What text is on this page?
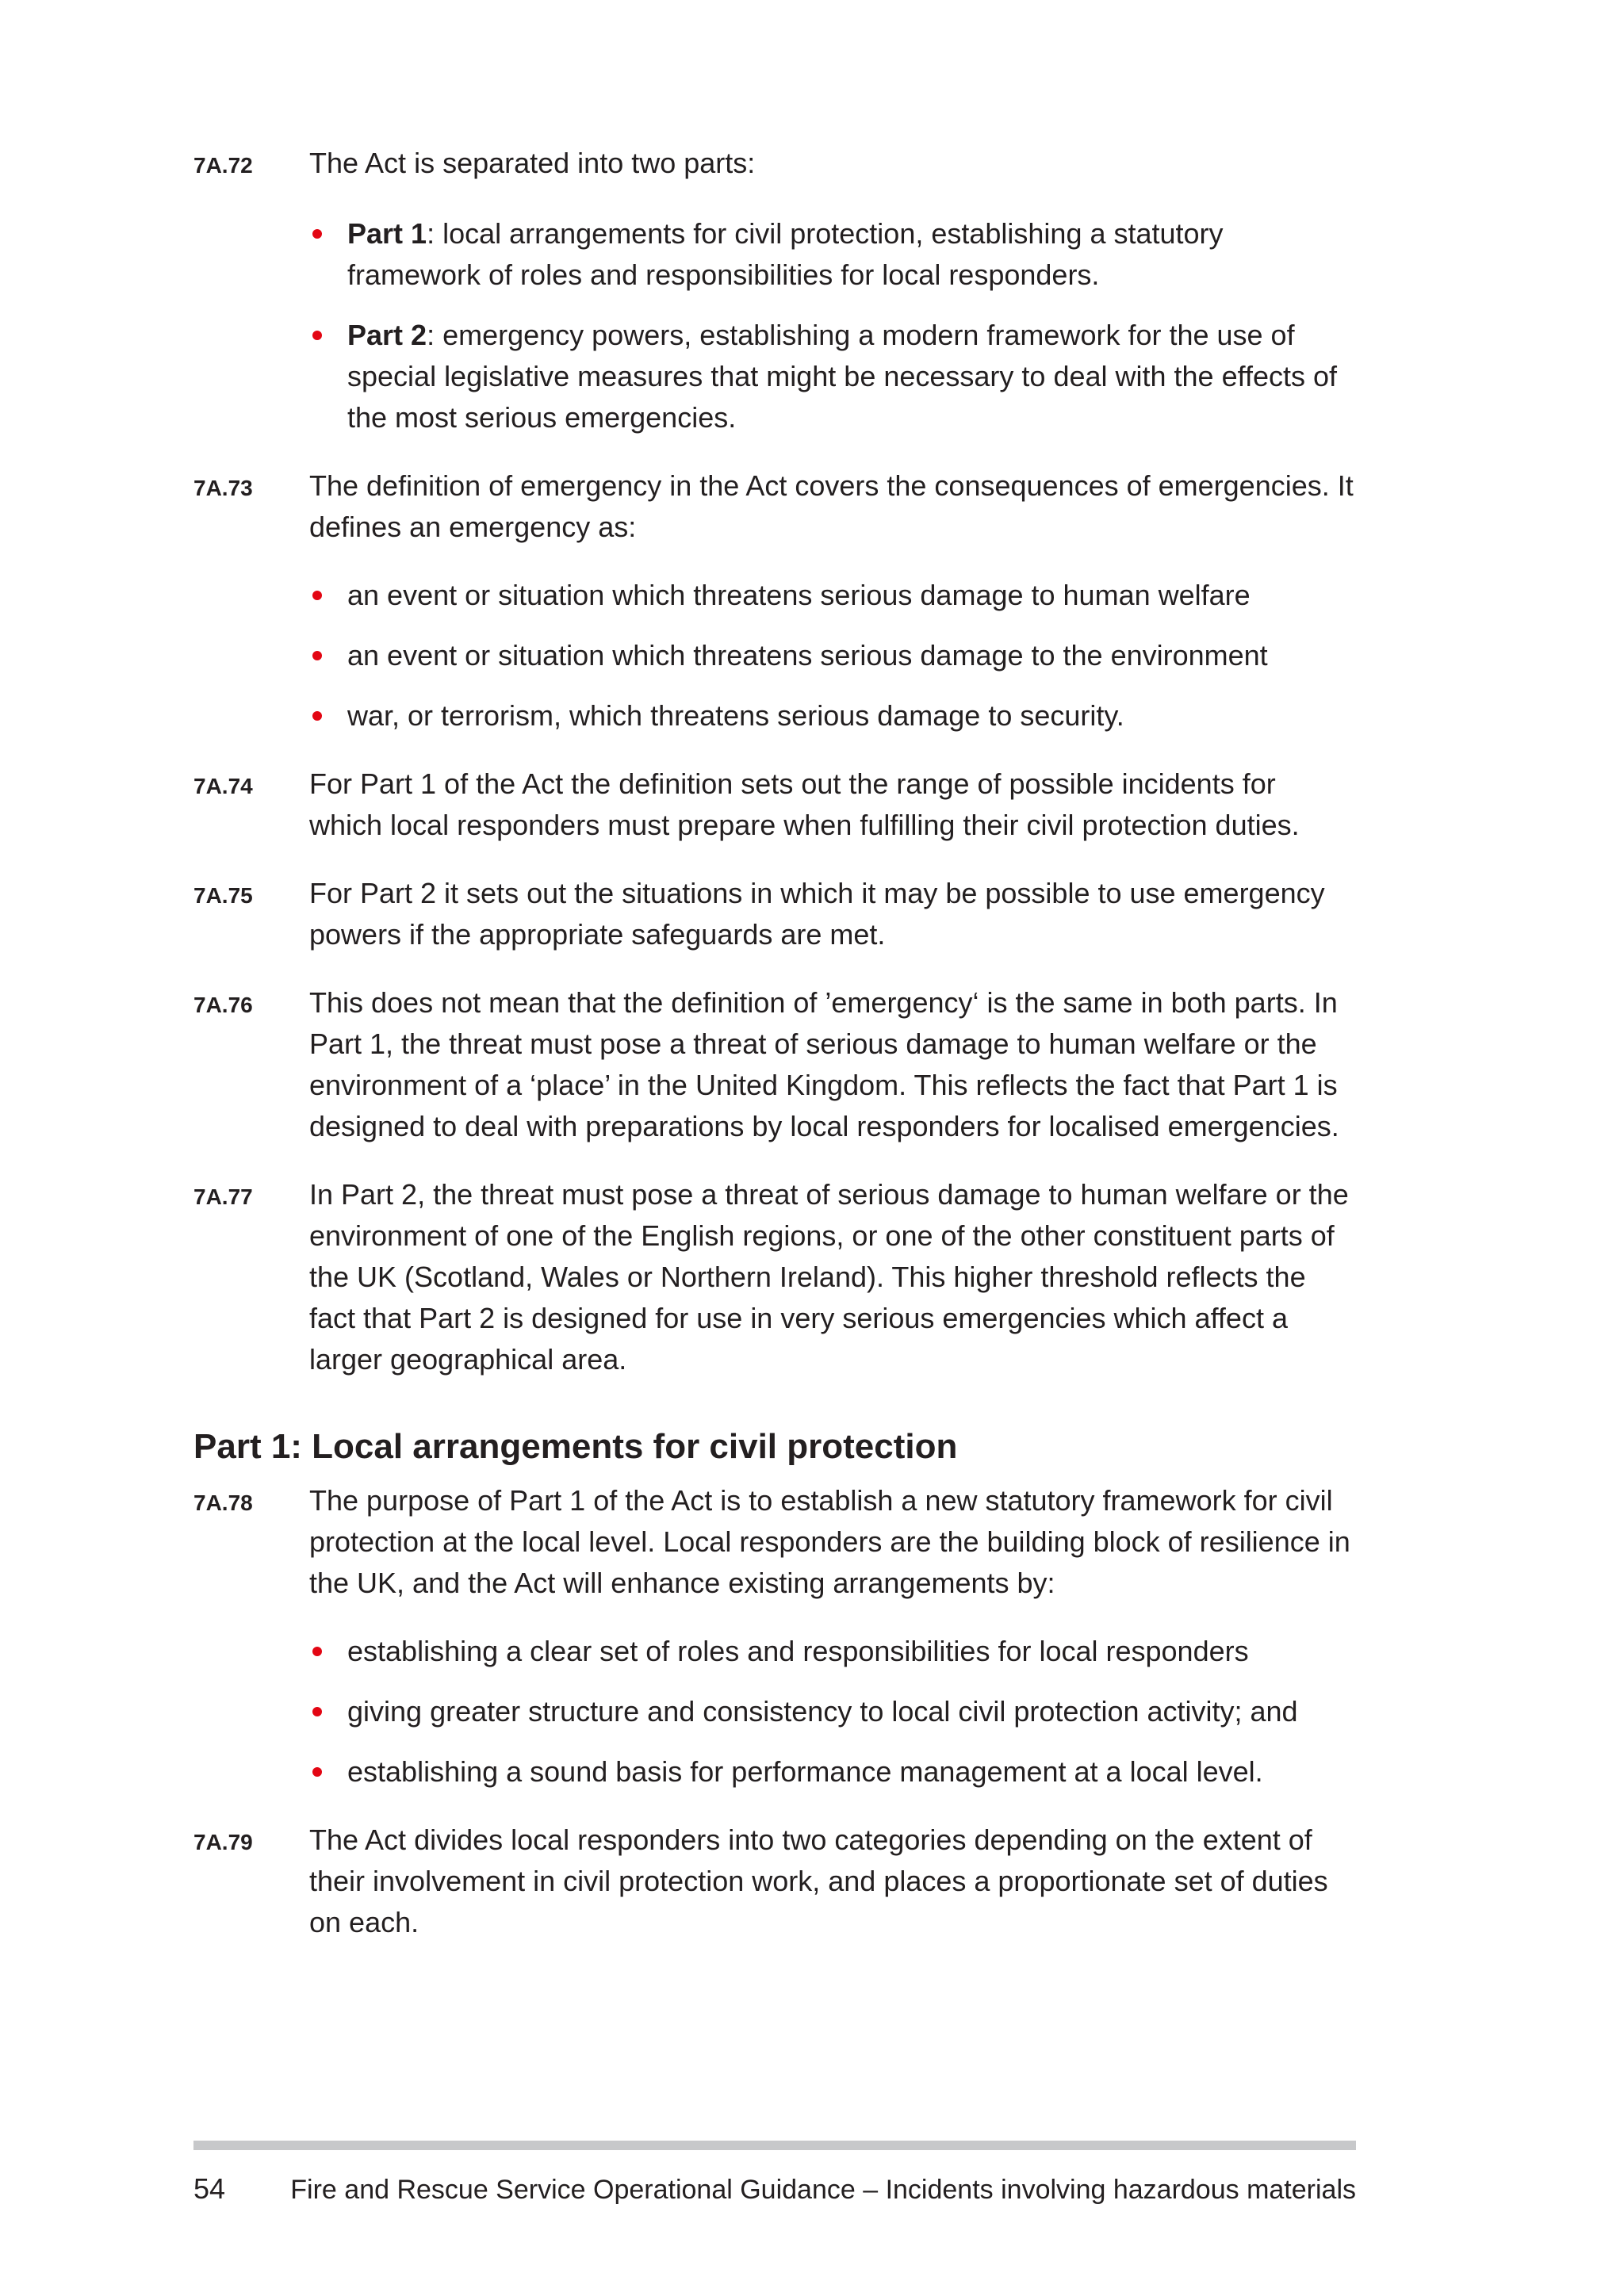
7A.72	The Act is separated into two parts:
Part 1: local arrangements for civil protection, establishing a statutory framework of roles and responsibilities for local responders.
Part 2: emergency powers, establishing a modern framework for the use of special legislative measures that might be necessary to deal with the effects of the most serious emergencies.
7A.73	The definition of emergency in the Act covers the consequences of emergencies. It defines an emergency as:
an event or situation which threatens serious damage to human welfare
an event or situation which threatens serious damage to the environment
war, or terrorism, which threatens serious damage to security.
7A.74	For Part 1 of the Act the definition sets out the range of possible incidents for which local responders must prepare when fulfilling their civil protection duties.
7A.75	For Part 2 it sets out the situations in which it may be possible to use emergency powers if the appropriate safeguards are met.
7A.76	This does not mean that the definition of ’emergency‘ is the same in both parts. In Part 1, the threat must pose a threat of serious damage to human welfare or the environment of a ‘place’ in the United Kingdom. This reflects the fact that Part 1 is designed to deal with preparations by local responders for localised emergencies.
7A.77	In Part 2, the threat must pose a threat of serious damage to human welfare or the environment of one of the English regions, or one of the other constituent parts of the UK (Scotland, Wales or Northern Ireland). This higher threshold reflects the fact that Part 2 is designed for use in very serious emergencies which affect a larger geographical area.
Part 1: Local arrangements for civil protection
7A.78	The purpose of Part 1 of the Act is to establish a new statutory framework for civil protection at the local level. Local responders are the building block of resilience in the UK, and the Act will enhance existing arrangements by:
establishing a clear set of roles and responsibilities for local responders
giving greater structure and consistency to local civil protection activity; and
establishing a sound basis for performance management at a local level.
7A.79	The Act divides local responders into two categories depending on the extent of their involvement in civil protection work, and places a proportionate set of duties on each.
54 Fire and Rescue Service Operational Guidance – Incidents involving hazardous materials
